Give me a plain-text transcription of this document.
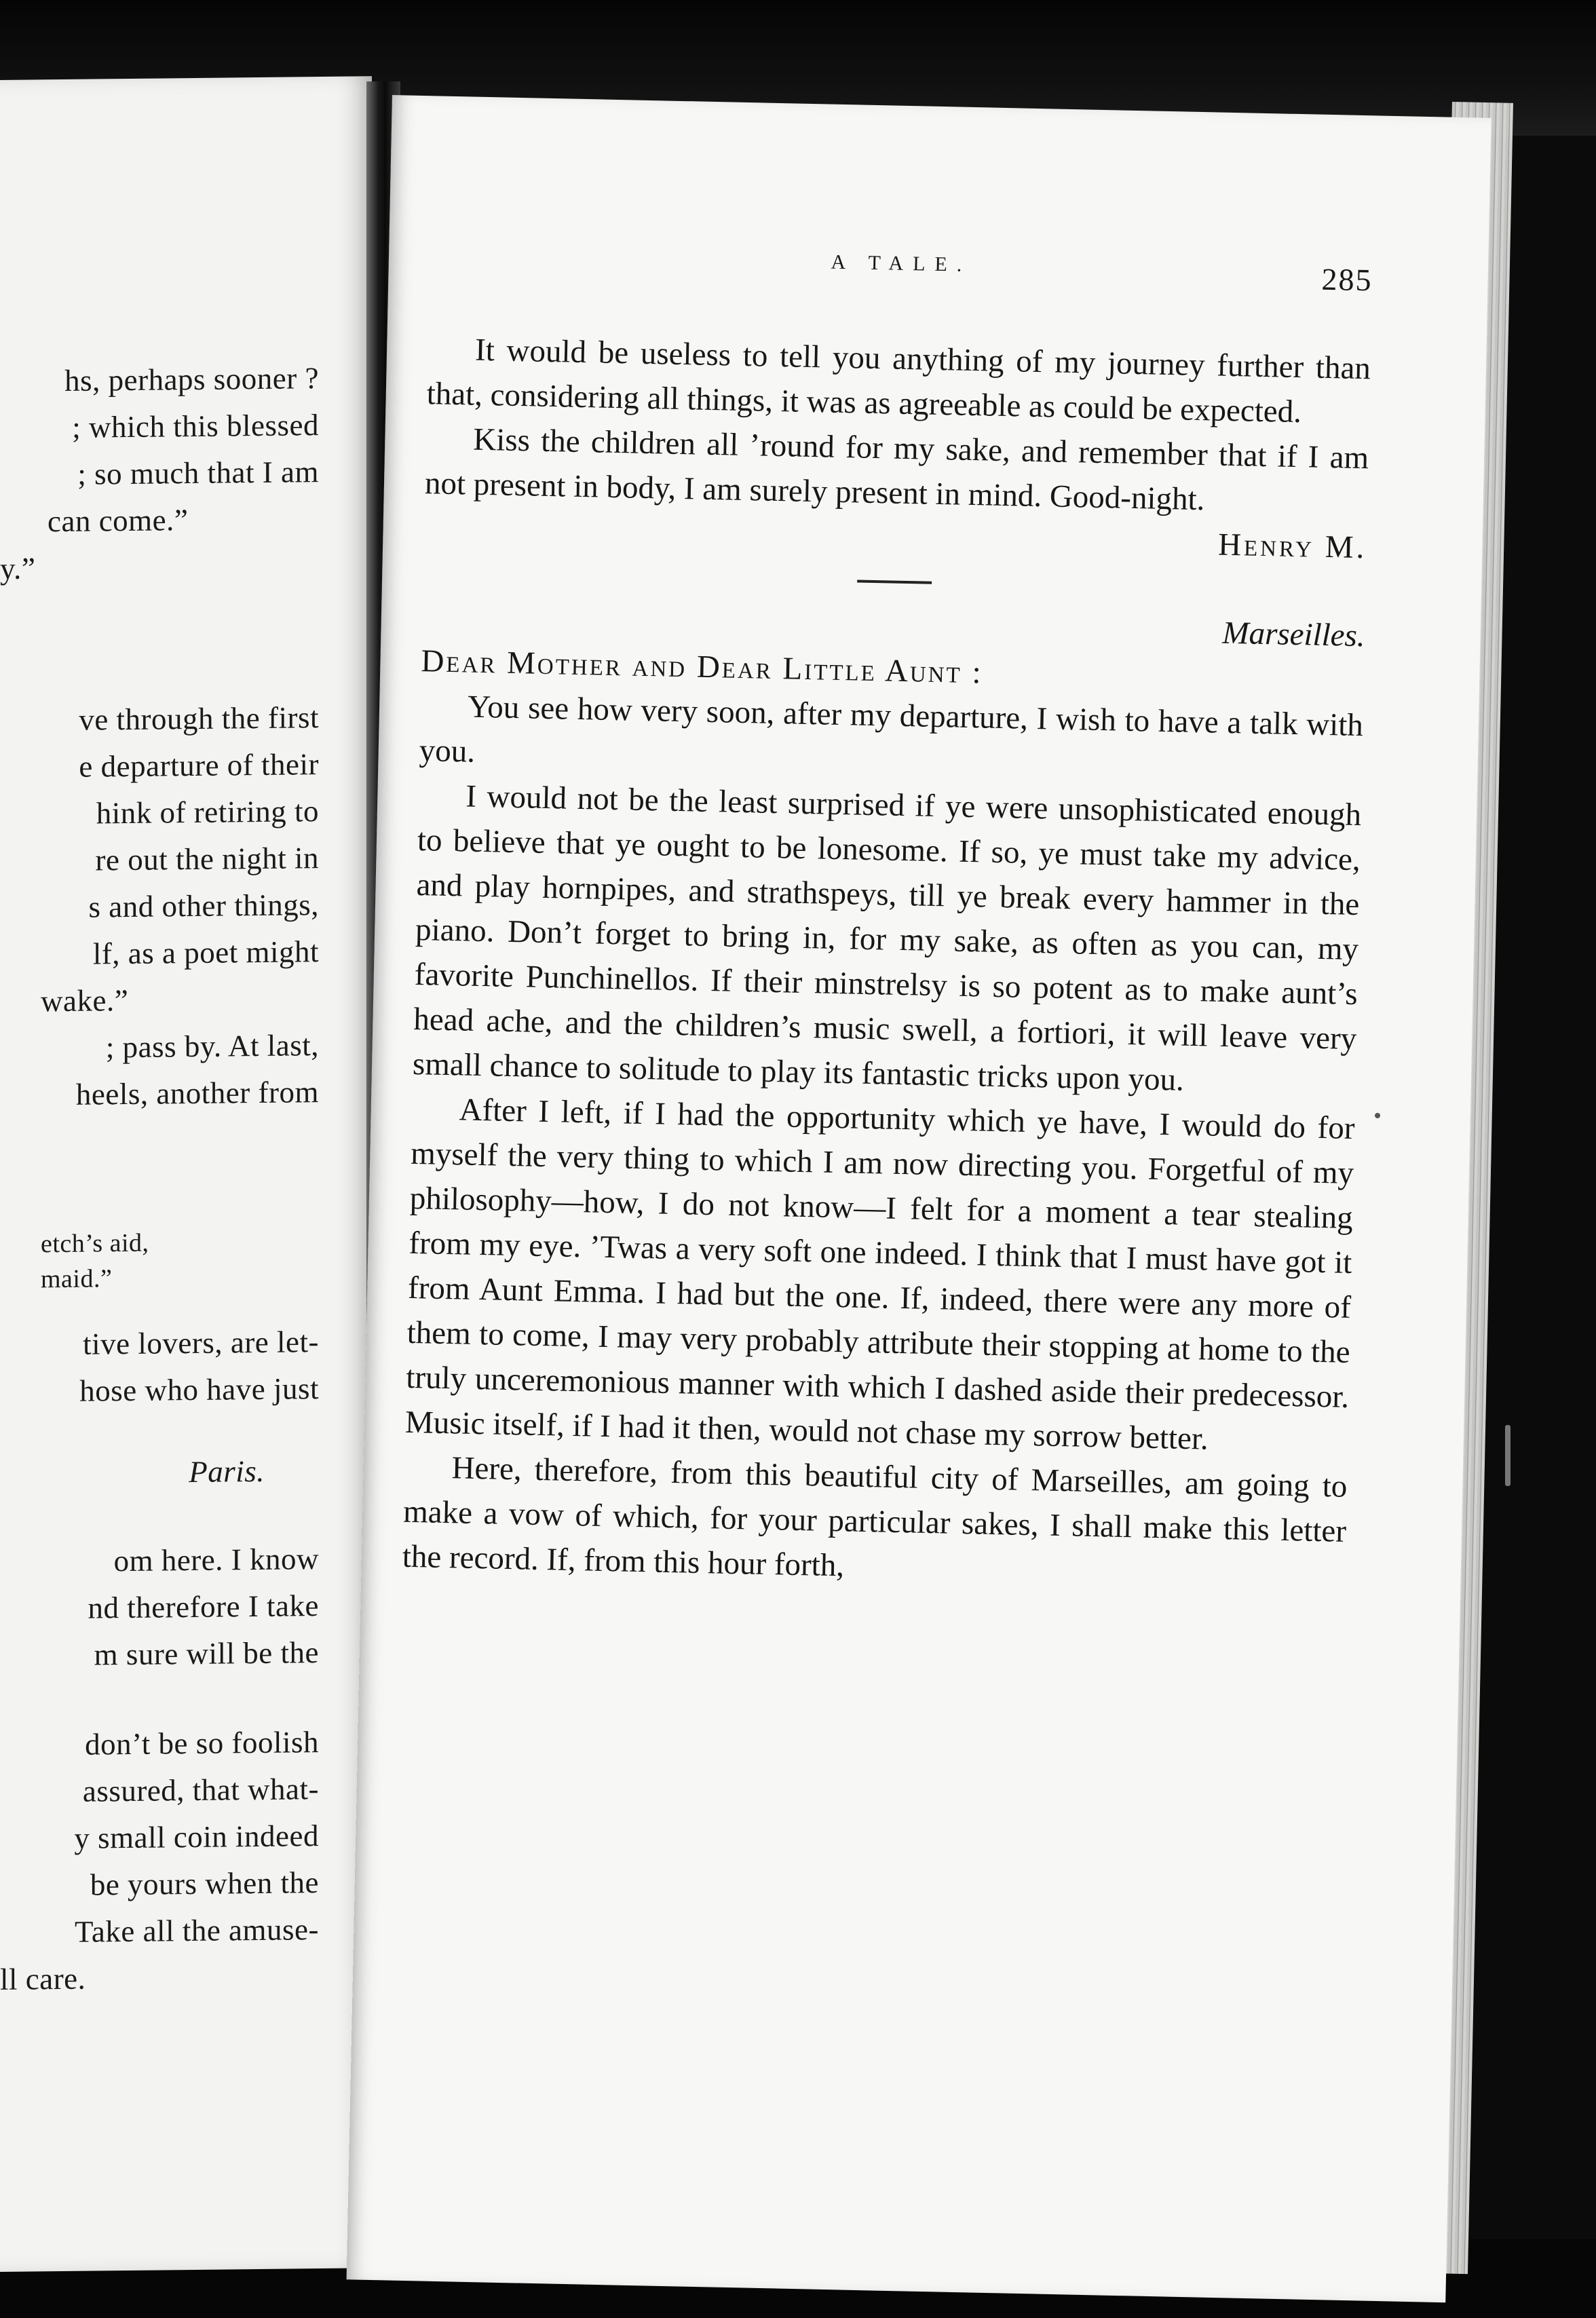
hs, perhaps sooner ?
; which this blessed
; so much that I am
can come.”
y.”
ve through the first
e departure of their
hink of retiring to
re out the night in
s and other things,
lf, as a poet might
wake.”
; pass by. At last,
heels, another from
etch’s aid,
maid.”
tive lovers, are let-
hose who have just
Paris.
om here. I know
nd therefore I take
m sure will be the
don’t be so foolish
assured, that what-
y small coin indeed
be yours when the
Take all the amuse-
ll care.
A TALE.	285

It would be useless to tell you anything of my journey further than that, considering all things, it was as agreeable as could be expected.

Kiss the children all ’round for my sake, and remember that if I am not present in body, I am surely present in mind. Good-night.

Henry M.

Marseilles.

Dear Mother and Dear Little Aunt :

You see how very soon, after my departure, I wish to have a talk with you.

I would not be the least surprised if ye were unsophisticated enough to believe that ye ought to be lonesome. If so, ye must take my advice, and play hornpipes, and strathspeys, till ye break every hammer in the piano. Don’t forget to bring in, for my sake, as often as you can, my favorite Punchinellos. If their minstrelsy is so potent as to make aunt’s head ache, and the children’s music swell, a fortiori, it will leave very small chance to solitude to play its fantastic tricks upon you.

After I left, if I had the opportunity which ye have, I would do for myself the very thing to which I am now directing you. Forgetful of my philosophy—how, I do not know—I felt for a moment a tear stealing from my eye. ’Twas a very soft one indeed. I think that I must have got it from Aunt Emma. I had but the one. If, indeed, there were any more of them to come, I may very probably attribute their stopping at home to the truly unceremonious manner with which I dashed aside their predecessor. Music itself, if I had it then, would not chase my sorrow better.

Here, therefore, from this beautiful city of Marseilles, am going to make a vow of which, for your particular sakes, I shall make this letter the record. If, from this hour forth,
